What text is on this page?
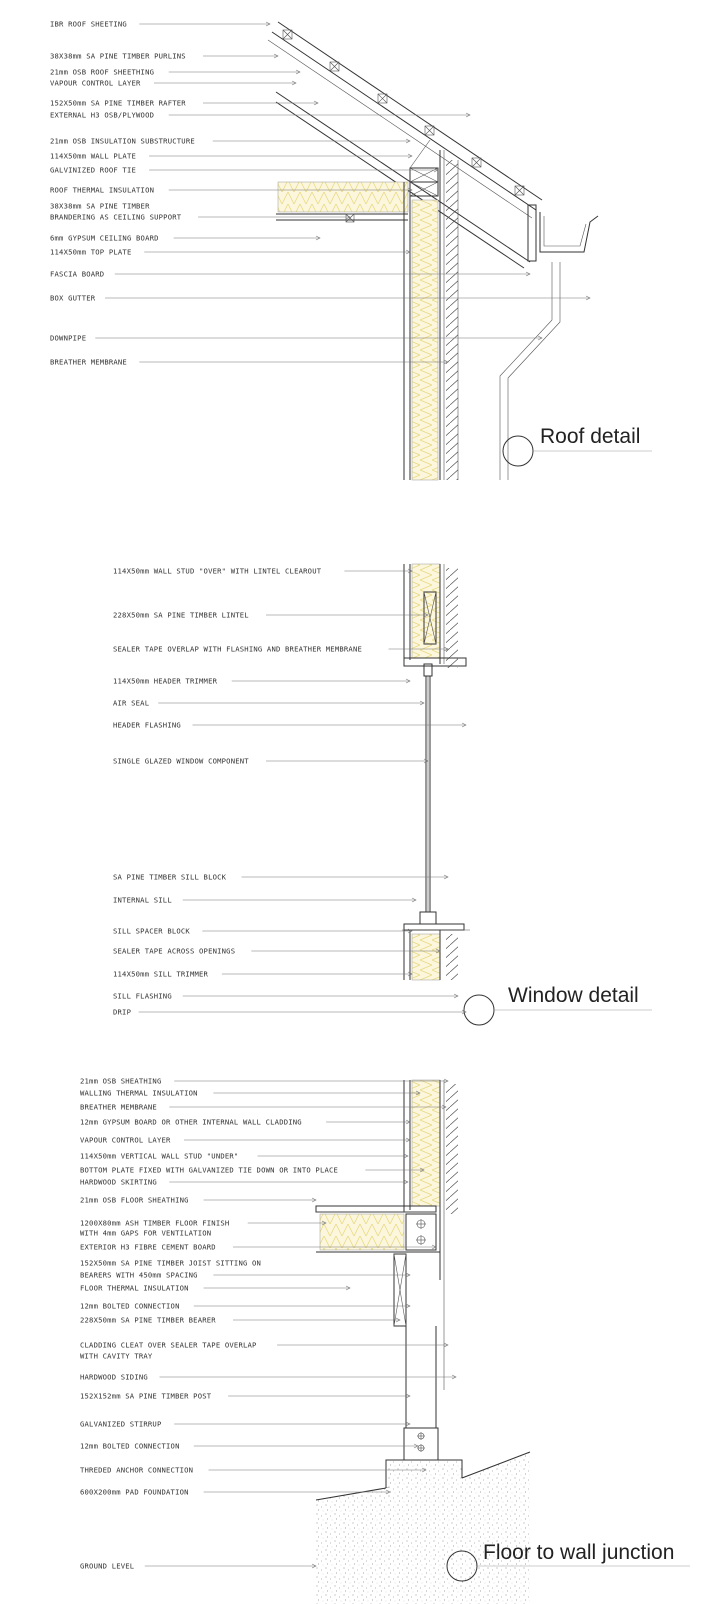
Roof detail
Window detail
Floor to wall junction
IBR ROOF SHEETING
38X38mm SA PINE TIMBER PURLINS
21mm OSB ROOF SHEETHING
VAPOUR CONTROL LAYER
152X50mm SA PINE TIMBER RAFTER
EXTERNAL H3 OSB/PLYWOOD
21mm OSB INSULATION SUBSTRUCTURE
114X50mm WALL PLATE
GALVINIZED ROOF TIE
ROOF THERMAL INSULATION
38X38mm SA PINE TIMBER
BRANDERING AS CEILING SUPPORT
6mm GYPSUM CEILING BOARD
114X50mm TOP PLATE
FASCIA BOARD
BOX GUTTER
DOWNPIPE
BREATHER MEMBRANE
114X50mm WALL STUD "OVER" WITH LINTEL CLEAROUT
228X50mm SA PINE TIMBER LINTEL
SEALER TAPE OVERLAP WITH FLASHING AND BREATHER MEMBRANE
114X50mm HEADER TRIMMER
AIR SEAL
HEADER FLASHING
SINGLE GLAZED WINDOW COMPONENT
SA PINE TIMBER SILL BLOCK
INTERNAL SILL
SILL SPACER BLOCK
SEALER TAPE ACROSS OPENINGS
114X50mm SILL TRIMMER
SILL FLASHING
DRIP
21mm OSB SHEATHING
WALLING THERMAL INSULATION
BREATHER MEMBRANE
12mm GYPSUM BOARD OR OTHER INTERNAL WALL CLADDING
VAPOUR CONTROL LAYER
114X50mm VERTICAL WALL STUD "UNDER"
BOTTOM PLATE FIXED WITH GALVANIZED TIE DOWN OR INTO PLACE
HARDWOOD SKIRTING
21mm OSB FLOOR SHEATHING
1200X80mm ASH TIMBER FLOOR FINISH
WITH 4mm GAPS FOR VENTILATION
EXTERIOR H3 FIBRE CEMENT BOARD
152X50mm SA PINE TIMBER JOIST SITTING ON
BEARERS WITH 450mm SPACING
FLOOR THERMAL INSULATION
12mm BOLTED CONNECTION
228X50mm SA PINE TIMBER BEARER
CLADDING CLEAT OVER SEALER TAPE OVERLAP
WITH CAVITY TRAY
HARDWOOD SIDING
152X152mm SA PINE TIMBER POST
GALVANIZED STIRRUP
12mm BOLTED CONNECTION
THREDED ANCHOR CONNECTION
600X200mm PAD FOUNDATION
GROUND LEVEL
